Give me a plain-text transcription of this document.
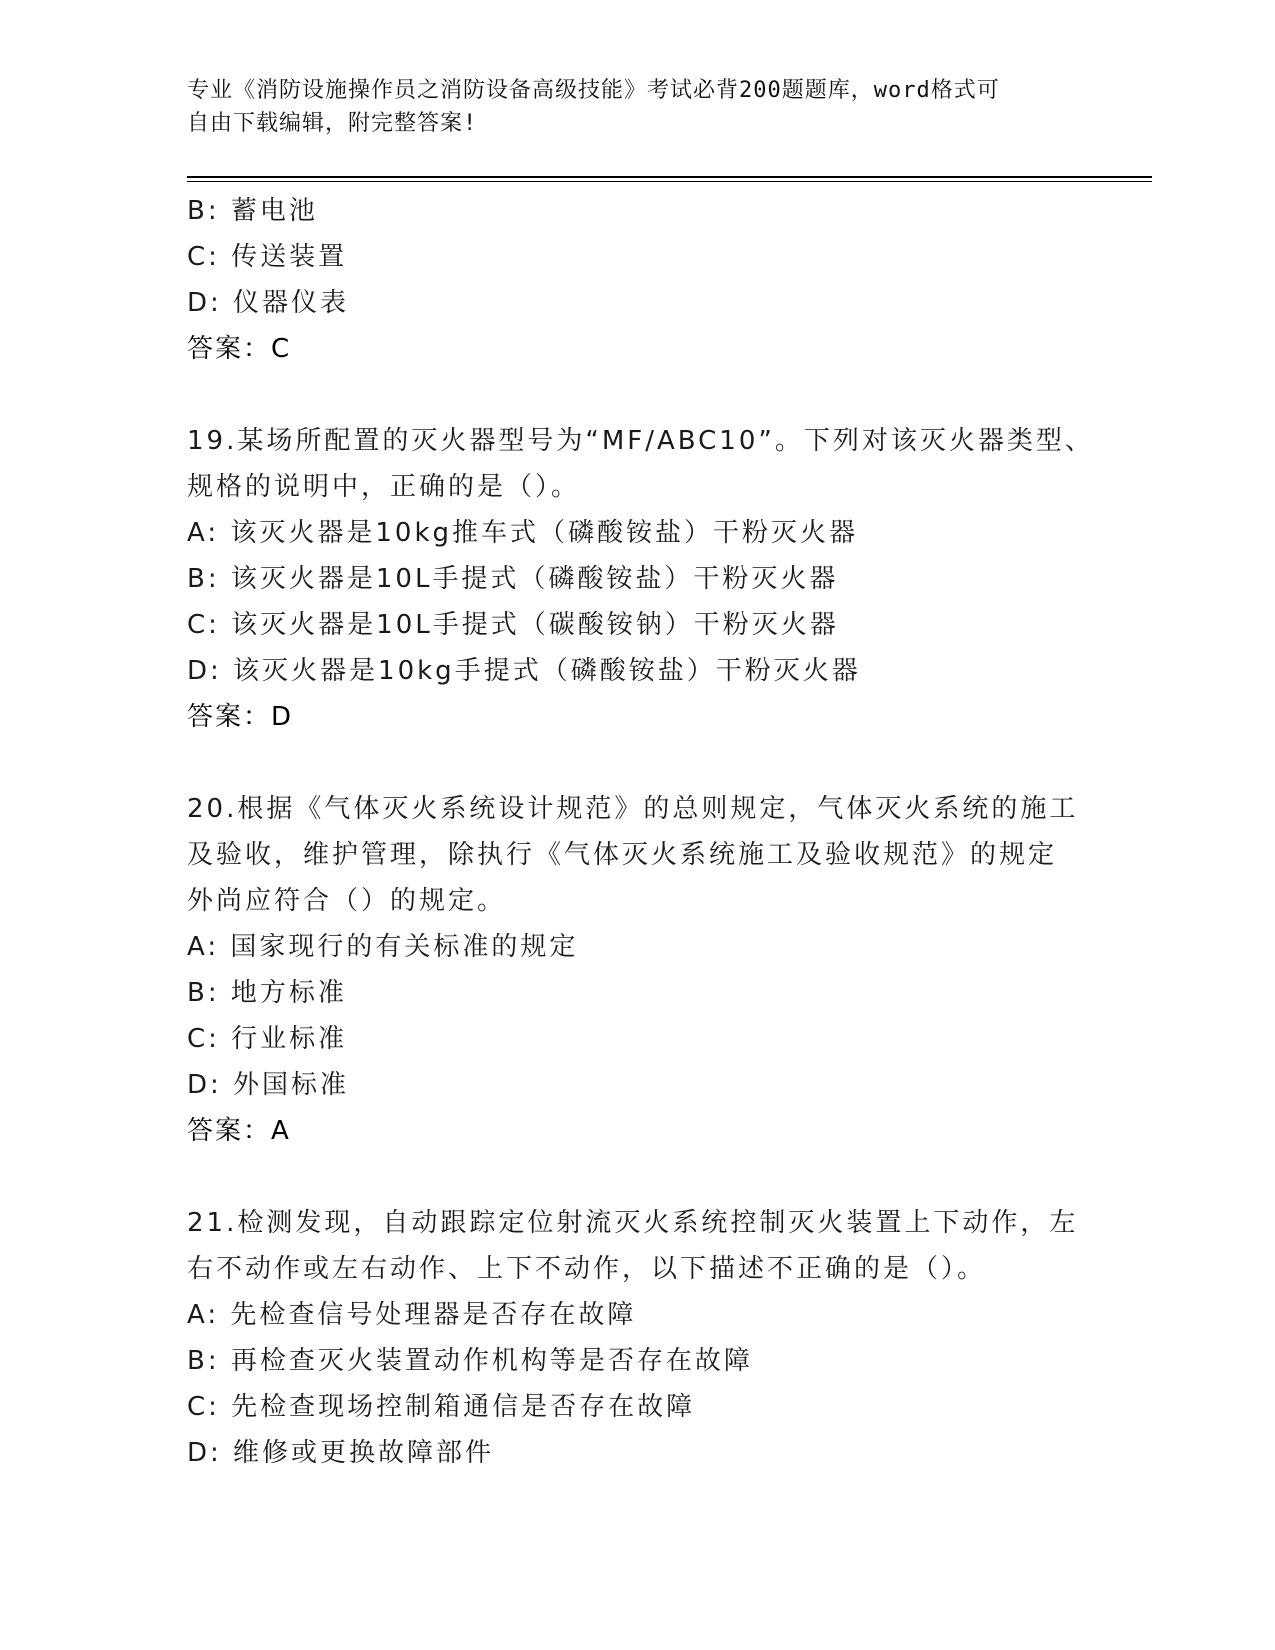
专业《消防设施操作员之消防设备高级技能》考试必背200题题库，word格式可
自由下载编辑，附完整答案!
B: 蓄电池
C: 传送装置
D: 仪器仪表
答案：C
19.某场所配置的灭火器型号为“MF/ABC10”。下列对该灭火器类型、
规格的说明中，正确的是（）。
A: 该灭火器是10kg推车式（磷酸铵盐）干粉灭火器
B: 该灭火器是10L手提式（磷酸铵盐）干粉灭火器
C: 该灭火器是10L手提式（碳酸铵钠）干粉灭火器
D: 该灭火器是10kg手提式（磷酸铵盐）干粉灭火器
答案：D
20.根据《气体灭火系统设计规范》的总则规定，气体灭火系统的施工
及验收，维护管理，除执行《气体灭火系统施工及验收规范》的规定
外尚应符合（）的规定。
A: 国家现行的有关标准的规定
B: 地方标准
C: 行业标准
D: 外国标准
答案：A
21.检测发现，自动跟踪定位射流灭火系统控制灭火装置上下动作，左
右不动作或左右动作、上下不动作，以下描述不正确的是（）。
A: 先检查信号处理器是否存在故障
B: 再检查灭火装置动作机构等是否存在故障
C: 先检查现场控制箱通信是否存在故障
D: 维修或更换故障部件
